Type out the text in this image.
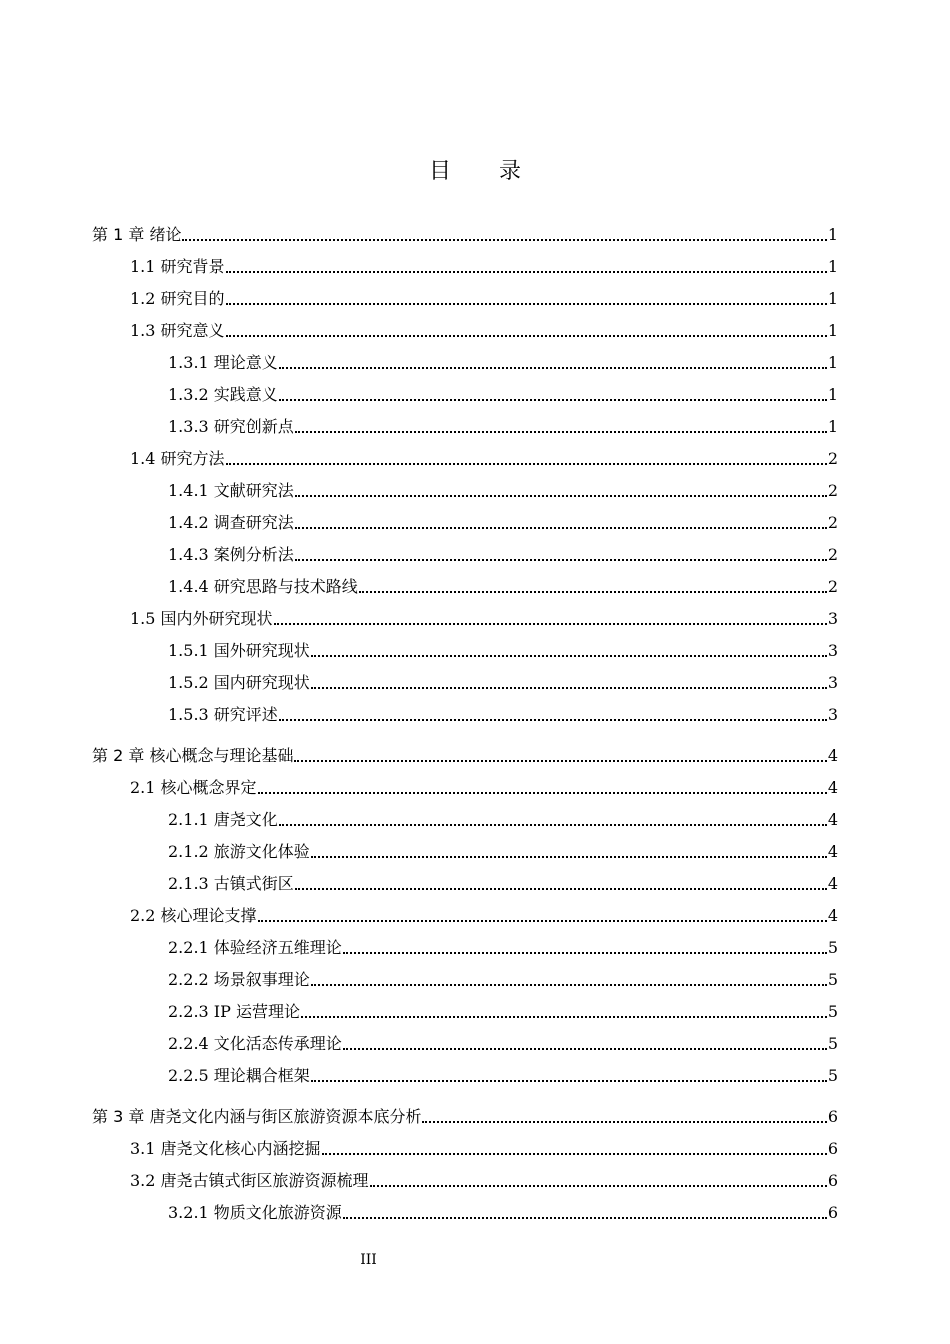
目录
第 1 章 绪论	1
1.1 研究背景	1
1.2 研究目的	1
1.3 研究意义	1
1.3.1 理论意义	1
1.3.2 实践意义	1
1.3.3 研究创新点	1
1.4 研究方法	2
1.4.1 文献研究法	2
1.4.2 调查研究法	2
1.4.3 案例分析法	2
1.4.4 研究思路与技术路线	2
1.5 国内外研究现状	3
1.5.1 国外研究现状	3
1.5.2 国内研究现状	3
1.5.3 研究评述	3
第 2 章 核心概念与理论基础	4
2.1 核心概念界定	4
2.1.1 唐尧文化	4
2.1.2 旅游文化体验	4
2.1.3 古镇式街区	4
2.2 核心理论支撑	4
2.2.1 体验经济五维理论	5
2.2.2 场景叙事理论	5
2.2.3 IP 运营理论	5
2.2.4 文化活态传承理论	5
2.2.5 理论耦合框架	5
第 3 章 唐尧文化内涵与街区旅游资源本底分析	6
3.1 唐尧文化核心内涵挖掘	6
3.2 唐尧古镇式街区旅游资源梳理	6
3.2.1 物质文化旅游资源	6
III
